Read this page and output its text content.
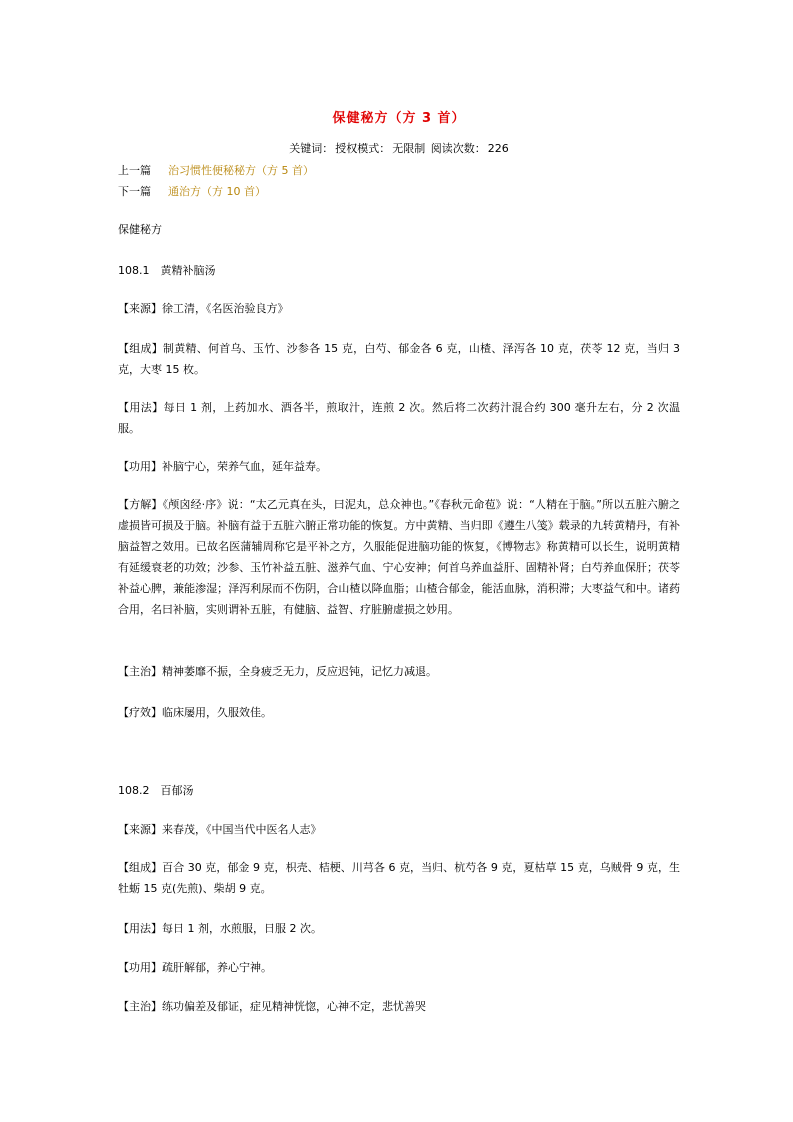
保健秘方（方 3 首）
关键词： 授权模式： 无限制 阅读次数： 226
上一篇 治习惯性便秘秘方（方 5 首）
下一篇 通治方（方 10 首）

保健秘方

108.1　黄精补脑汤

【来源】徐工清，《名医治验良方》

【组成】制黄精、何首乌、玉竹、沙参各 15 克，白芍、郁金各 6 克，山楂、泽泻各 10 克，茯苓 12 克，当归 3 克，大枣 15 枚。

【用法】每日 1 剂，上药加水、酒各半，煎取汁，连煎 2 次。然后将二次药汁混合约 300 毫升左右，分 2 次温服。

【功用】补脑宁心，荣养气血，延年益寿。

【方解】《颅囟经·序》说：“太乙元真在头，曰泥丸，总众神也。”《春秋元命苞》说：“人精在于脑。”所以五脏六腑之虚损皆可损及于脑。补脑有益于五脏六腑正常功能的恢复。方中黄精、当归即《遵生八笺》载录的九转黄精丹，有补脑益智之效用。已故名医蒲辅周称它是平补之方，久服能促进脑功能的恢复，《博物志》称黄精可以长生，说明黄精有延缓衰老的功效；沙参、玉竹补益五脏、滋养气血、宁心安神；何首乌养血益肝、固精补肾；白芍养血保肝；茯苓补益心脾，兼能渗湿；泽泻利尿而不伤阴，合山楂以降血脂；山楂合郁金，能活血脉，消积滞；大枣益气和中。诸药合用，名曰补脑，实则谓补五脏，有健脑、益智、疗脏腑虚损之妙用。

【主治】精神萎靡不振，全身疲乏无力，反应迟钝，记忆力减退。

【疗效】临床屡用，久服效佳。

108.2　百郁汤

【来源】来春茂，《中国当代中医名人志》

【组成】百合 30 克，郁金 9 克，枳壳、桔梗、川芎各 6 克，当归、杭芍各 9 克，夏枯草 15 克，乌贼骨 9 克，生牡蛎 15 克(先煎)、柴胡 9 克。

【用法】每日 1 剂，水煎服，日服 2 次。

【功用】疏肝解郁，养心宁神。

【主治】练功偏差及郁证，症见精神恍惚，心神不定，悲忧善哭
